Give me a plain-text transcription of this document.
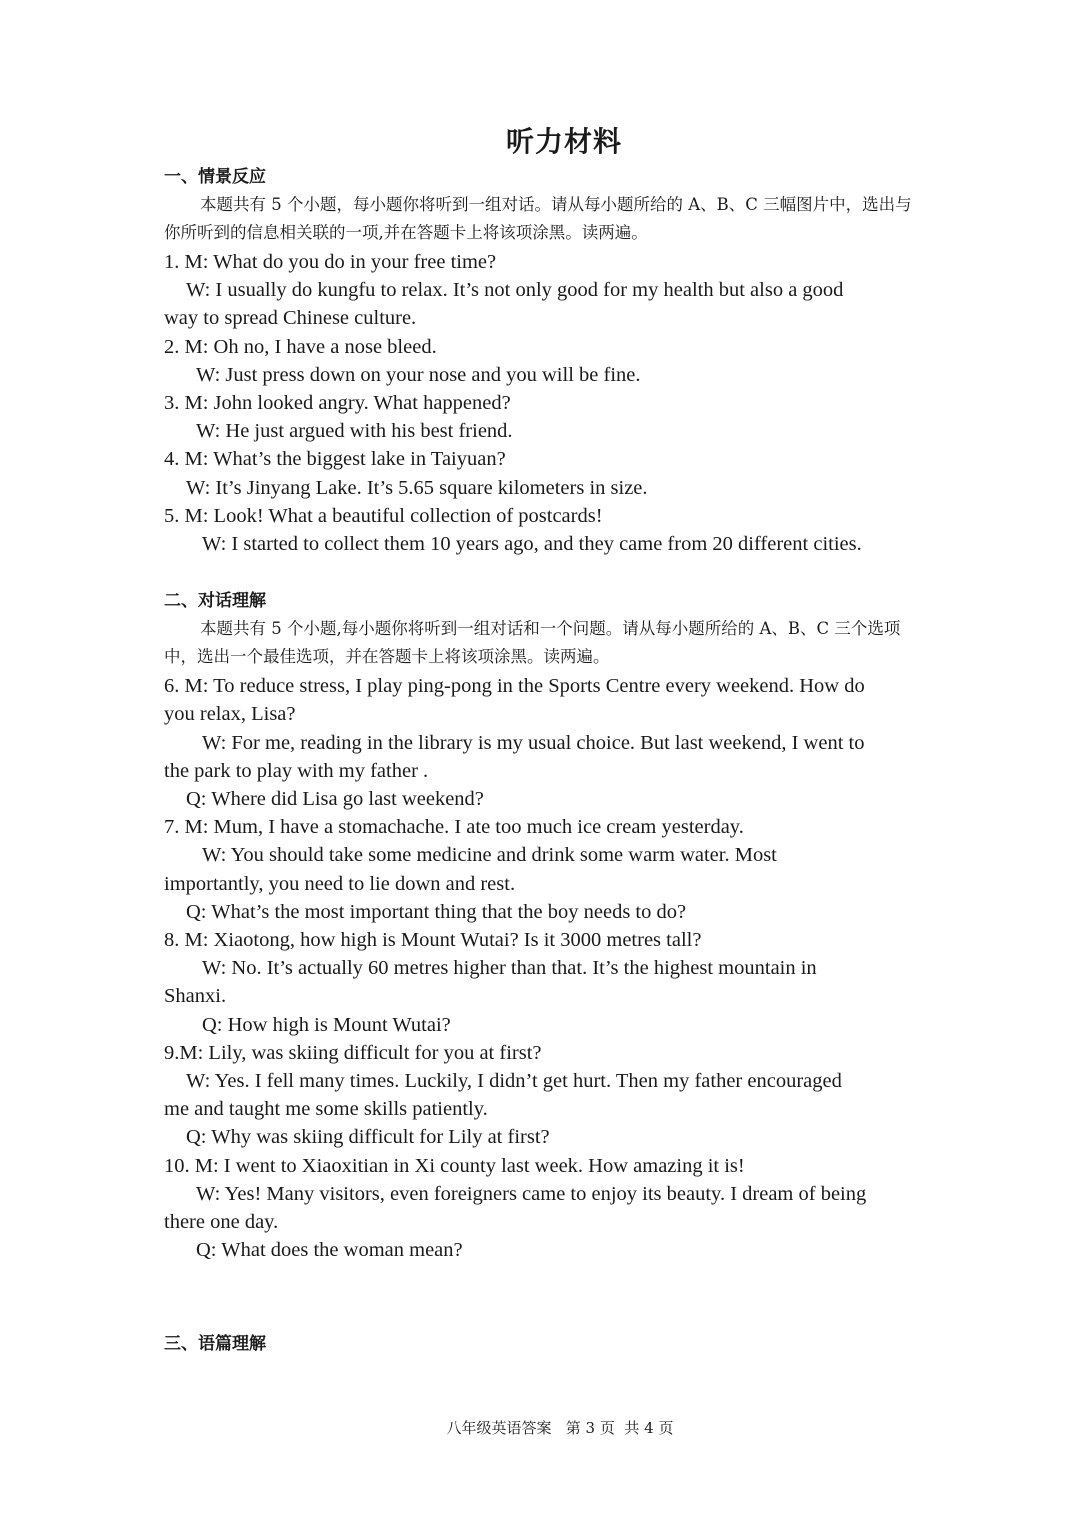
听力材料
一、情景反应
本题共有 5 个小题，每小题你将听到一组对话。请从每小题所给的 A、B、C 三幅图片中，选出与你所听到的信息相关联的一项,并在答题卡上将该项涂黑。读两遍。
1. M: What do you do in your free time?
W: I usually do kungfu to relax. It’s not only good for my health but also a good
way to spread Chinese culture.
2. M: Oh no, I have a nose bleed.
W: Just press down on your nose and you will be fine.
3. M: John looked angry. What happened?
W: He just argued with his best friend.
4. M: What’s the biggest lake in Taiyuan?
W: It’s Jinyang Lake. It’s 5.65 square kilometers in size.
5. M: Look! What a beautiful collection of postcards!
W: I started to collect them 10 years ago, and they came from 20 different cities.
二、对话理解
本题共有 5 个小题,每小题你将听到一组对话和一个问题。请从每小题所给的 A、B、C 三个选项中，选出一个最佳选项，并在答题卡上将该项涂黑。读两遍。
6. M: To reduce stress, I play ping-pong in the Sports Centre every weekend. How do
you relax, Lisa?
W: For me, reading in the library is my usual choice. But last weekend, I went to
the park to play with my father .
Q: Where did Lisa go last weekend?
7. M: Mum, I have a stomachache. I ate too much ice cream yesterday.
W: You should take some medicine and drink some warm water. Most
importantly, you need to lie down and rest.
Q: What’s the most important thing that the boy needs to do?
8. M: Xiaotong, how high is Mount Wutai? Is it 3000 metres tall?
W: No. It’s actually 60 metres higher than that. It’s the highest mountain in
Shanxi.
Q: How high is Mount Wutai?
9.M: Lily, was skiing difficult for you at first?
W: Yes. I fell many times. Luckily, I didn’t get hurt. Then my father encouraged
me and taught me some skills patiently.
Q: Why was skiing difficult for Lily at first?
10. M: I went to Xiaoxitian in Xi county last week. How amazing it is!
W: Yes! Many visitors, even foreigners came to enjoy its beauty. I dream of being
there one day.
Q: What does the woman mean?
三、语篇理解
八年级英语答案   第 3 页  共 4 页
